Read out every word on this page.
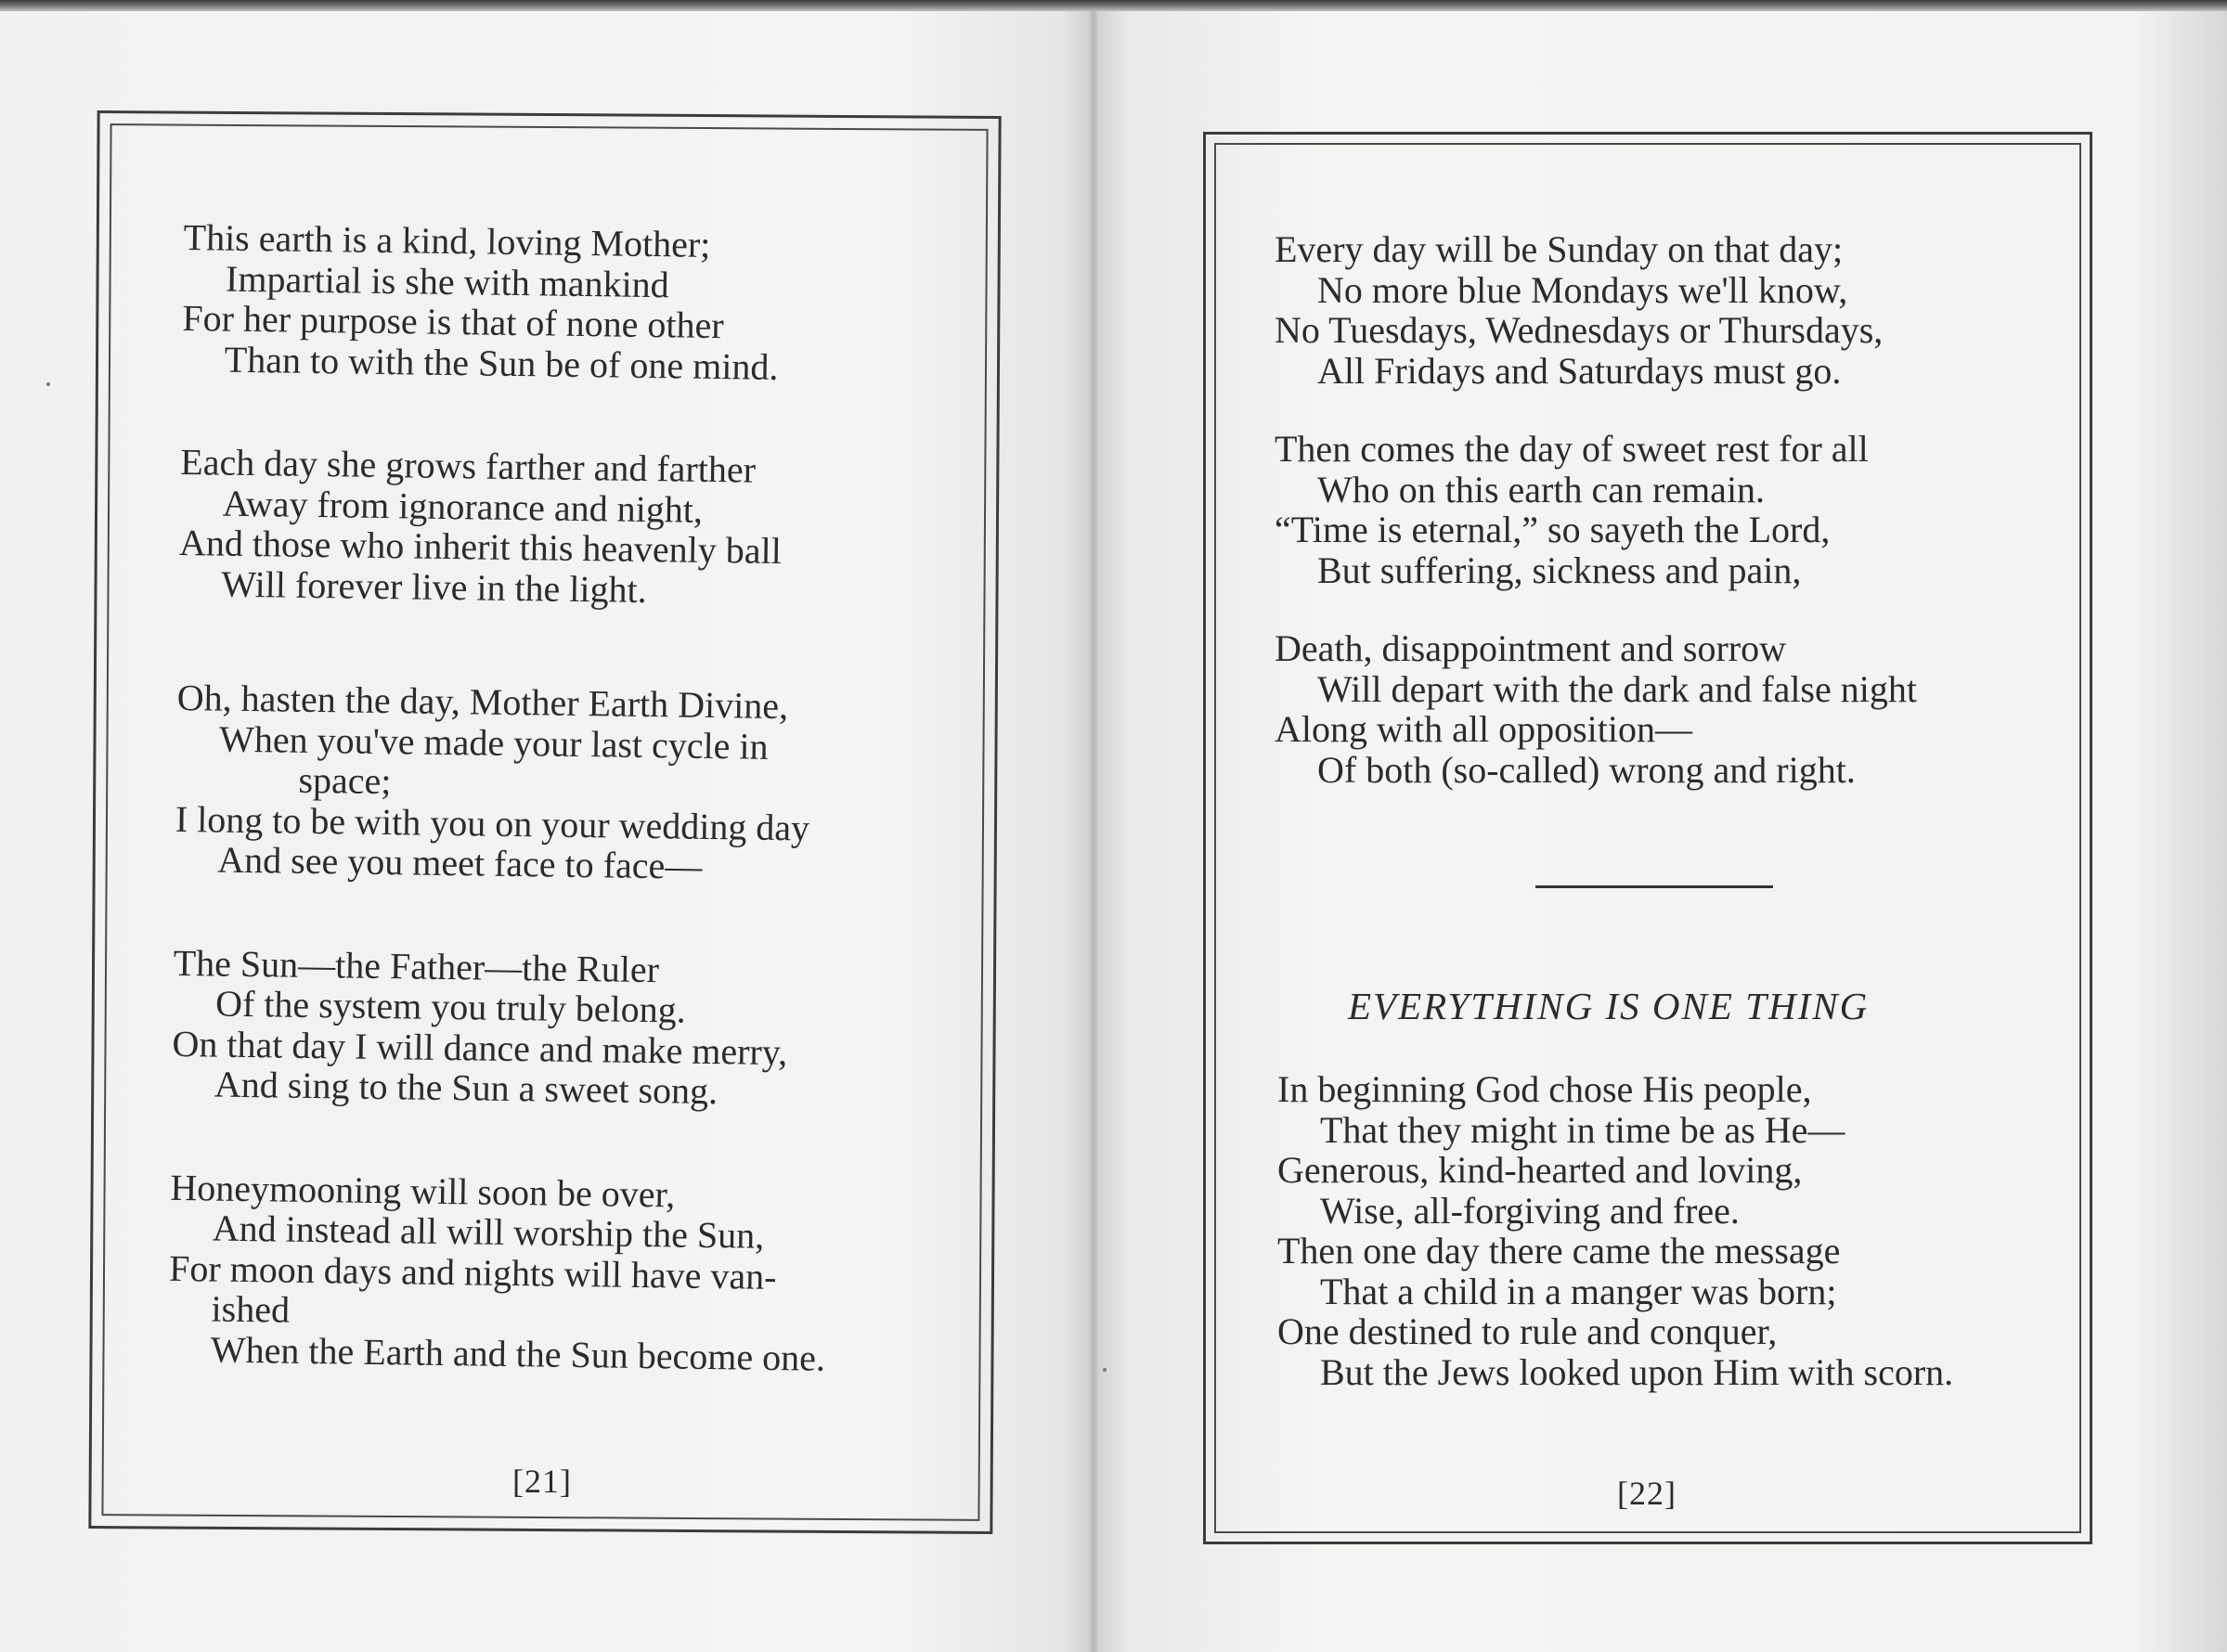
This earth is a kind, loving Mother;
Impartial is she with mankind
For her purpose is that of none other
Than to with the Sun be of one mind.
Each day she grows farther and farther
Away from ignorance and night,
And those who inherit this heavenly ball
Will forever live in the light.
Oh, hasten the day, Mother Earth Divine,
When you've made your last cycle in
space;
I long to be with you on your wedding day
And see you meet face to face—
The Sun—the Father—the Ruler
Of the system you truly belong.
On that day I will dance and make merry,
And sing to the Sun a sweet song.
Honeymooning will soon be over,
And instead all will worship the Sun,
For moon days and nights will have van-
ished
When the Earth and the Sun become one.
[21]
Every day will be Sunday on that day;
No more blue Mondays we'll know,
No Tuesdays, Wednesdays or Thursdays,
All Fridays and Saturdays must go.
Then comes the day of sweet rest for all
Who on this earth can remain.
“Time is eternal,” so sayeth the Lord,
But suffering, sickness and pain,
Death, disappointment and sorrow
Will depart with the dark and false night
Along with all opposition—
Of both (so-called) wrong and right.
EVERYTHING IS ONE THING
In beginning God chose His people,
That they might in time be as He—
Generous, kind-hearted and loving,
Wise, all-forgiving and free.
Then one day there came the message
That a child in a manger was born;
One destined to rule and conquer,
But the Jews looked upon Him with scorn.
[22]
